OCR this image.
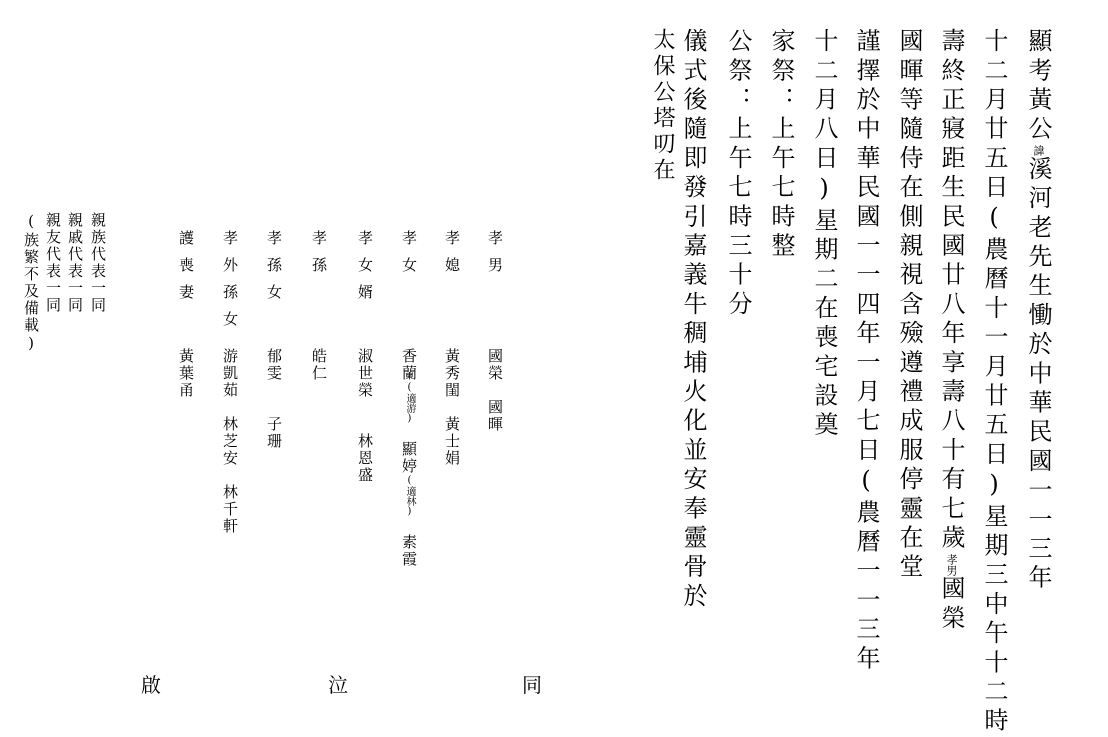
顯考黃公諱溪河老先生慟於中華民國一一三年
十二月廿五日(農曆十一月廿五日)星期三中午十二時
壽終正寢距生民國廿八年享壽八十有七歲孝男國榮
國暉等隨侍在側親視含殮遵禮成服停靈在堂
謹擇於中華民國一一四年一月七日(農曆一一三年
十二月八日)星期二在喪宅設奠
家祭：上午七時整
公祭：上午七時三十分
儀式後隨即發引嘉義牛稠埔火化並安奉靈骨於
太保公塔叨在
孝男
國榮　國暉
孝媳
黃秀閨　黃士娟
孝女
香蘭(適游)　顯婷(適林)　素霞
孝女婿
淑世榮　　林恩盛
孝孫
皓仁
孝孫女
郁雯　　子珊
孝外孫女
游凱茹　林芝安　林千軒
護喪妻
黃葉甬
親族代表一同
親戚代表一同
親友代表一同
(族繁不及備載)
同
泣
啟
